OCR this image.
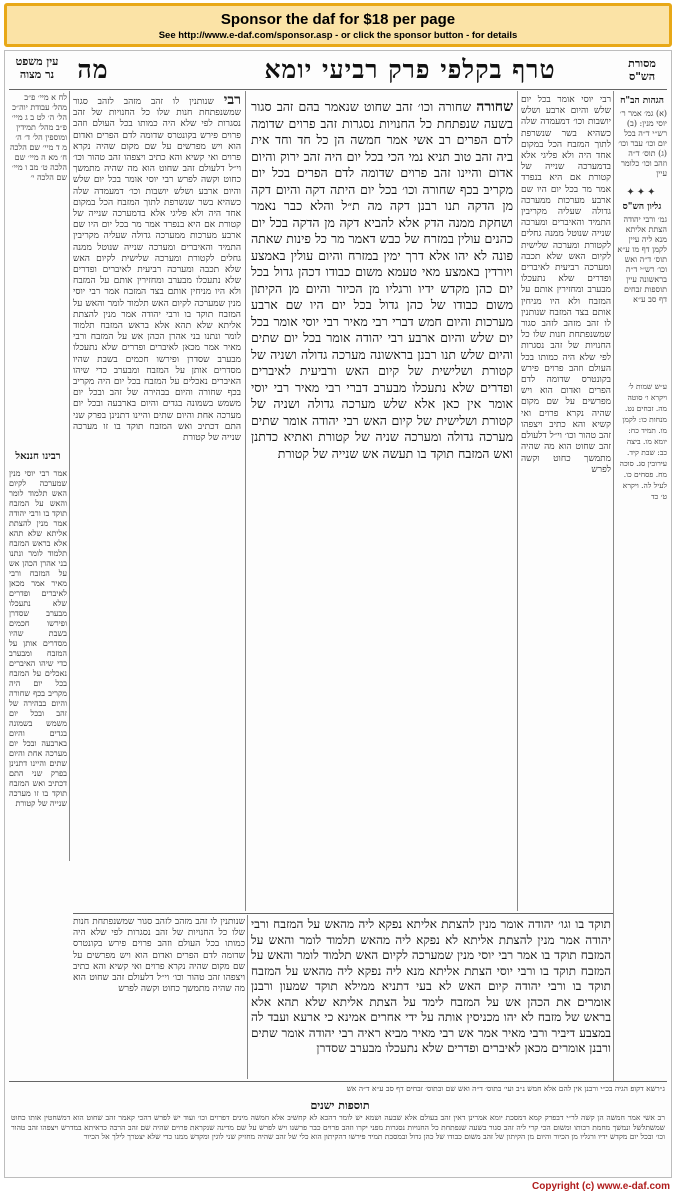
Sponsor the daf for $18 per page
See http://www.e-daf.com/sponsor.asp - or click the sponsor button - for details
עין משפט נר מצוה מה	טרף בקלפי פרק רביעי יומא	מסורת הש"ס
לח א מיי׳ פ״ב מהל׳ עבודת יוה״כ הל׳ ה׳ לט ב ג מיי׳ פ״ב מהל׳ תמידין ומוספין הל׳ ד׳ ה׳ מ ד מיי׳ שם הלכה ח׳ מא ה מיי׳ שם הלכה ט׳ מב ו מיי׳ שם הלכה י׳
רבינו חננאל
אמר רבי יוסי מנין שמערכה לקיום האש תלמוד לומר והאש על המזבח תוקד בו ורבי יהודה אמר מנין להצתת אליתא שלא תהא אלא בראש המזבח תלמוד לומר ונתנו בני אהרן הכהן אש על המזבח ורבי מאיר אמר מכאן לאיברים ופדרים שלא נתעכלו מבערב שסדרן ופירשו חכמים בשבת שהיו מסדרים אותן על המזבח ומבערב כדי שיהו האיברים נאכלים על המזבח בכל יום היה מקריב בכף שחורה והיום בבהירה של זהב ובכל יום משמש בשמונה בגדים והיום בארבעה ובכל יום מערכה אחת והיום שתים והיינו דתנינן בפרק שני התם דכתיב ואש המזבח תוקד בו זו מערכה שנייה של קטורת
רבי שנותנין לו זהב מזהב לזהב סגור שמשנפתחת חנות שלו כל החנויות של זהב נסגרות לפי שלא היה כמותו בכל העולם וזהב פרוים פירש בקונטרס שדומה לדם הפרים ואדום הוא ויש מפרשים על שם מקום שהיה נקרא פרוים ואי קשיא והא כתיב ויצפהו זהב טהור וכו׳ וי״ל דלעולם זהב שחוט הוא מה שהיה מתמשך כחוט וקשה לפרש רבי יוסי אומר בכל יום שלש והיום ארבע ושלש יושבות וכו׳ דמעמדה שלה כשהיא בשר שנשרפת לתוך המזבח הכל במקום אחד היה ולא פליגי אלא בדמערכה שנייה של קטורת אם היא בנפרד אמר מר בכל יום היו שם ארבע מערכות ממערכה גדולה שעליה מקריבין התמיד והאיברים ומערכה שנייה שנוטל ממנה גחלים לקטורת ומערכה שלישית לקיום האש שלא תכבה ומערכה רביעית לאיברים ופדרים שלא נתעכלו מבערב ומחזירין אותם על המזבח ולא היו מניחין אותם בצד המזבח אמר רבי יוסי מנין שמערכה לקיום האש תלמוד לומר והאש על המזבח תוקד בו ורבי יהודה אמר מנין להצתת אליתא שלא תהא אלא בראש המזבח תלמוד לומר ונתנו בני אהרן הכהן אש על המזבח ורבי מאיר אמר מכאן לאיברים ופדרים שלא נתעכלו מבערב שסדרן ופירשו חכמים בשבת שהיו מסדרים אותן על המזבח ומבערב כדי שיהו האיברים נאכלים על המזבח בכל יום היה מקריב בכף שחורה והיום בבהירה של זהב ובכל יום משמש בשמונה בגדים והיום בארבעה ובכל יום מערכה אחת והיום שתים והיינו דתנינן בפרק שני התם דכתיב ואש המזבח תוקד בו זו מערכה שנייה של קטורת
שחורה שחורה וכו׳ זהב שחוט שנאמר בהם זהב סגור בשעה שנפתחת כל החנויות נסגרות זהב פרוים שדומה לדם הפרים רב אשי אמר חמשה הן כל חד וחד אית ביה זהב טוב תניא נמי הכי בכל יום היה זהב ירוק והיום אדום והיינו זהב פרוים שדומה לדם הפרים בכל יום מקריב בכף שחורה וכו׳ בכל יום היתה דקה והיום דקה מן הדקה תנו רבנן דקה מה ת״ל והלא כבר נאמר ושחקת ממנה הדק אלא להביא דקה מן הדקה בכל יום כהנים עולין במזרח של כבש דאמר מר כל פינות שאתה פונה לא יהו אלא דרך ימין במזרח והיום עולין באמצע ויורדין באמצע מאי טעמא משום כבודו דכהן גדול בכל יום כהן מקדש ידיו ורגליו מן הכיור והיום מן הקיתון משום כבודו של כהן גדול בכל יום היו שם ארבע מערכות והיום חמש דברי רבי מאיר רבי יוסי אומר בכל יום שלש והיום ארבע רבי יהודה אומר בכל יום שתים והיום שלש תנו רבנן בראשונה מערכה גדולה ושניה של קטורת ושלישית של קיום האש ורביעית לאיברים ופדרים שלא נתעכלו מבערב דברי רבי מאיר רבי יוסי אומר אין כאן אלא שלש מערכה גדולה ושניה של קטורת ושלישית של קיום האש רבי יהודה אומר שתים מערכה גדולה ומערכה שניה של קטורת ואתיא כדתנן ואש המזבח תוקד בו תעשה אש שנייה של קטורת
רבי יוסי אומר בכל יום שלש והיום ארבע ושלש יושבות וכו׳ דמעמדה שלה כשהיא בשר שנשרפת לתוך המזבח הכל במקום אחד היה ולא פליגי אלא בדמערכה שנייה של קטורת אם היא בנפרד אמר מר בכל יום היו שם ארבע מערכות ממערכה גדולה שעליה מקריבין התמיד והאיברים ומערכה שנייה שנוטל ממנה גחלים לקטורת ומערכה שלישית לקיום האש שלא תכבה ומערכה רביעית לאיברים ופדרים שלא נתעכלו מבערב ומחזירין אותם על המזבח ולא היו מניחין אותם בצד המזבח שנותנין לו זהב מזהב לזהב סגור שמשנפתחת חנות שלו כל החנויות של זהב נסגרות לפי שלא היה כמותו בכל העולם וזהב פרוים פירש בקונטרס שדומה לדם הפרים ואדום הוא ויש מפרשים על שם מקום שהיה נקרא פרוים ואי קשיא והא כתיב ויצפהו זהב טהור וכו׳ וי״ל דלעולם זהב שחוט הוא מה שהיה מתמשך כחוט וקשה לפרש
הגהות הב"ח
(א) גמ׳ אמר ר׳ יוסי מנין: (ב) רש״י ד״ה בכל יום וכו׳ עבר וכו׳ (ג) תוס׳ ד״ה וזהב וכו׳ כלומר עיין
✦✦✦
גליון הש"ס
גמ׳ ורבי יהודה הצתת אליתא מנא ליה עיין לקמן דף מו ע״א תוס׳ ד״ה ואש וכו׳ רש״י ד״ה בראשונה עיין תוספות זבחים דף סב ע״א
ע״ש שמות ל׳ ויקרא ו׳ סוטה מה. זבחים נט. מנחות כו: לקמן מו. תמיד כח: יומא מו. ביצה כב: שבת קיד. עירובין סג. סוכה מח. פסחים כו. לעיל לה. ויקרא ט׳ כד
תוקד בו וגו׳ יהודה אומר מנין להצתת אליתא נפקא ליה מהאש על המזבח ורבי יהודה אמר מנין להצתת אליתא לא נפקא ליה מהאש תלמוד לומר והאש על המזבח תוקד בו אמר רבי יוסי מנין שמערכה לקיום האש תלמוד לומר והאש על המזבח תוקד בו ורבי יוסי הצתת אליתא מנא ליה נפקא ליה מהאש על המזבח תוקד בו ורבי יהודה קיום האש לא בעי דתניא ממילא תוקד שמעון ורבנן אומרים את הכהן אש על המזבח לימד על הצתת אליתא שלא תהא אלא בראש של מזבח לא יהו מכניסין אותה על ידי אחרים אמינא כי ארעא ועבד לה במצבע דיביר ורבי מאיר אמר אש רבי מאיר מביא ראיה רבי יהודה אומר שתים ורבנן אומרים מכאן לאיברים ופדרים שלא נתעכלו מבערב שסדרן
שנותנין לו זהב מזהב לזהב סגור שמשנפתחת חנות שלו כל החנויות של זהב נסגרות לפי שלא היה כמותו בכל העולם וזהב פרוים פירש בקונטרס שדומה לדם הפרים ואדום הוא ויש מפרשים על שם מקום שהיה נקרא פרוים ואי קשיא והא כתיב ויצפהו זהב טהור וכו׳ וי״ל דלעולם זהב שחוט הוא מה שהיה מתמשך כחוט וקשה לפרש
ג״רשא דקופ הגיה בכ״י ורבנן אין להם אלא חמש נ״ב ועי׳ בתוס׳ ד״ה ואש שם ובתוס׳ זבחים דף סב ע״א ד״ה אש
תוספות ישנים
רב אשי אמר חמשה הן קשה לר״י דבפרק קמא דמסכת יומא אמרינן דאין זהב בעולם אלא שבעה ושמא יש לומר דהכא לא קחשיב אלא חמשה מינים דפרוים וכו׳ ועוד יש לפרש דהכי קאמר זהב שחוט הוא דמשחטין אותו כחוט שמשתלשל ונמשך מחמת רכותו ומשום הכי קרי ליה זהב סגור בשעה שנפתחת כל החנויות נסגרות מפני יקרו וזהב פרוים כבר פרשנו ויש לפרש על שם מדינה שנקראת פרוים שהיה שם זהב הרבה כדאיתא במדרש ויצפהו זהב טהור וכו׳ ובכל יום מקדש ידיו ורגליו מן הכיור והיום מן הקיתון של זהב משום כבודו של כהן גדול ובמסכת תמיד פירשו דהקיתון הוא כלי של זהב שהיה מחזיק שני לוגין ומקדש ממנו כדי שלא יצטרך לילך אל הכיור
Copyright (c) www.e-daf.com
